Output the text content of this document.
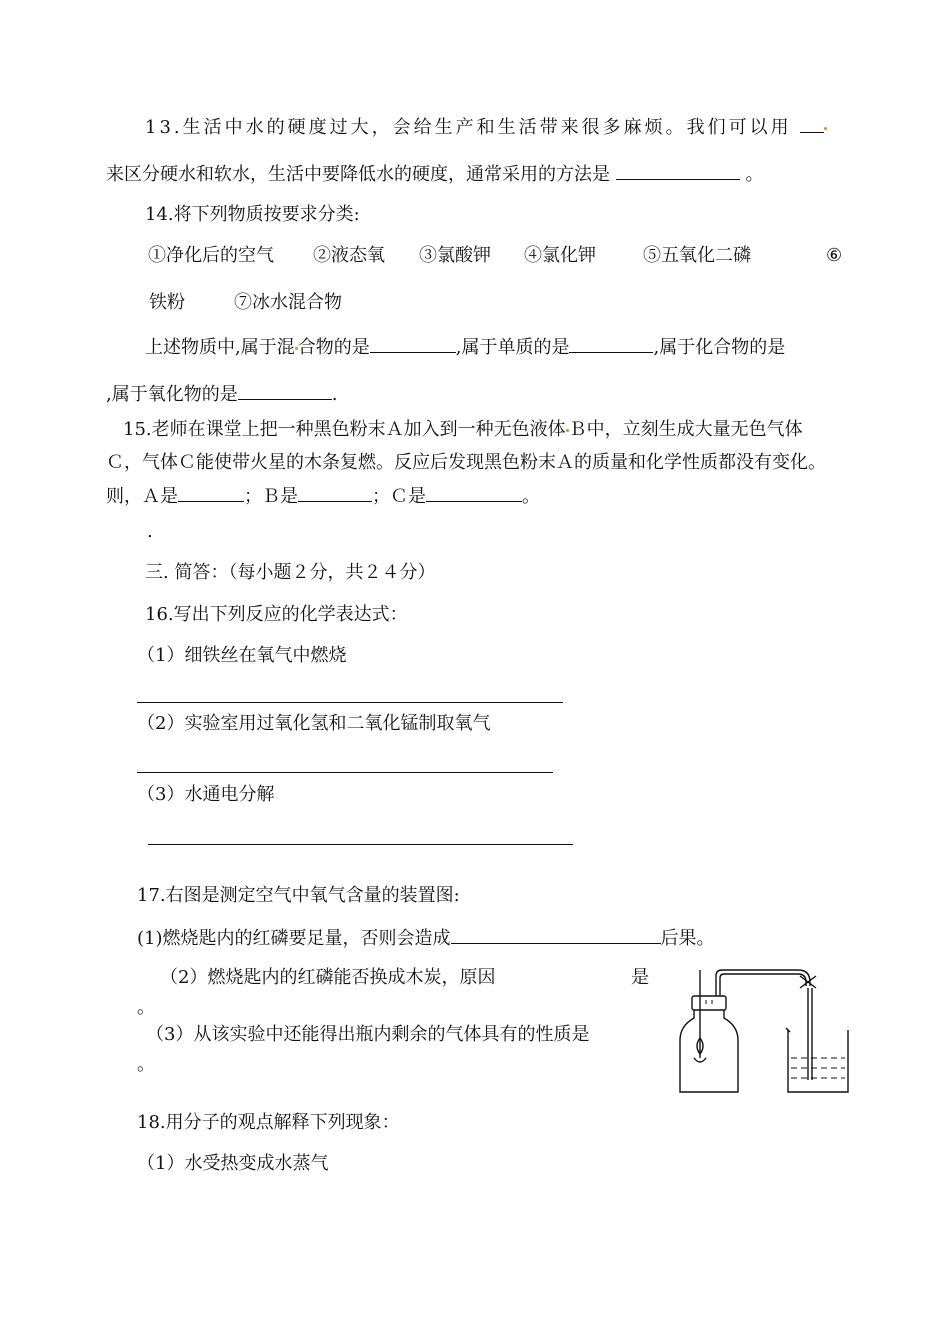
13.生活中水的硬度过大，会给生产和生活带来很多麻烦。我们可以用
来区分硬水和软水，生活中要降低水的硬度，通常采用的方法是	。
14.将下列物质按要求分类:
①净化后的空气 ②液态氧 ③氯酸钾 ④氯化钾	⑤五氧化二磷	⑥
铁粉	⑦冰水混合物
上述物质中,属于混 合物的是	,属于单质的是	,属于化合物的是
,属于氧化物的是	.
15.老师在课堂上把一种黑色粉末Ａ加入到一种无色液体 Ｂ中，立刻生成大量无色气体
Ｃ，气体Ｃ能使带火星的木条复燃。反应后发现黑色粉末Ａ的质量和化学性质都没有变化。
则，Ａ是	；Ｂ是	；Ｃ是	。
.
三. 简答：（每小题２分，共２４分）
16.写出下列反应的化学表达式：
（1）细铁丝在氧气中燃烧
（2）实验室用过氧化氢和二氧化锰制取氧气
（3）水通电分解
17.右图是测定空气中氧气含量的装置图:
(1)燃烧匙内的红磷要足量，否则会造成	后果。
（2）燃烧匙内的红磷能否换成木炭，原因	是
。
（3）从该实验中还能得出瓶内剩余的气体具有的性质是
。
18.用分子的观点解释下列现象：
（1）水受热变成水蒸气
